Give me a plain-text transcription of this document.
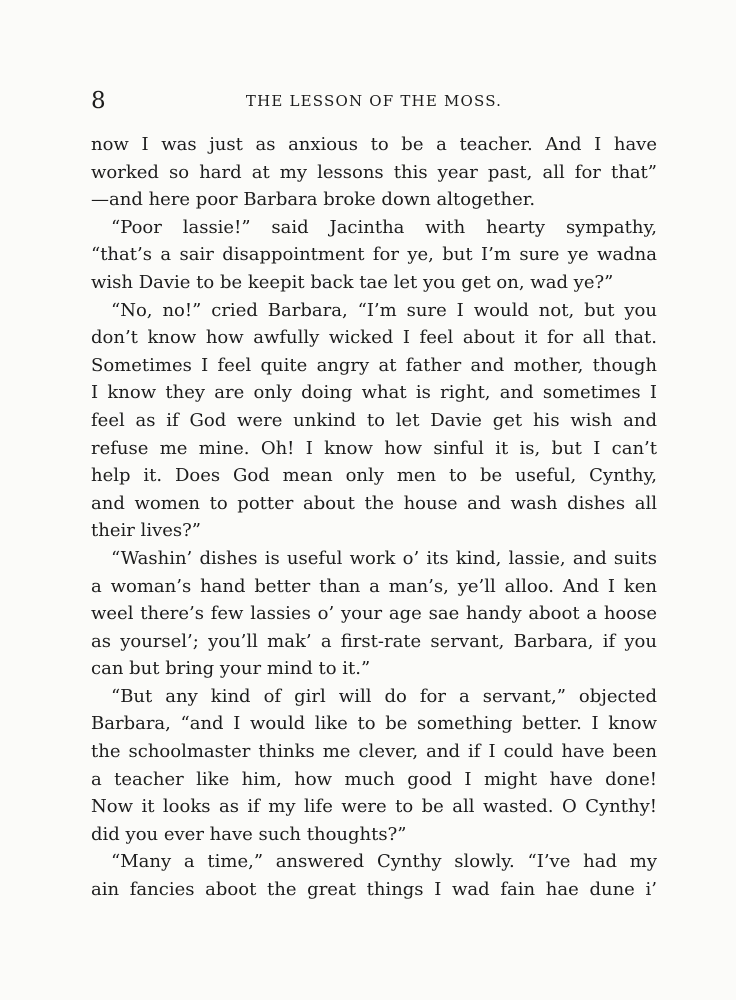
8	THE LESSON OF THE MOSS.
now I was just as anxious to be a teacher. And I have
worked so hard at my lessons this year past, all for that”
—and here poor Barbara broke down altogether.
“Poor lassie!” said Jacintha with hearty sympathy,
“that’s a sair disappointment for ye, but I’m sure ye wadna
wish Davie to be keepit back tae let you get on, wad ye?”
“No, no!” cried Barbara, “I’m sure I would not, but you
don’t know how awfully wicked I feel about it for all that.
Sometimes I feel quite angry at father and mother, though
I know they are only doing what is right, and sometimes I
feel as if God were unkind to let Davie get his wish and
refuse me mine. Oh! I know how sinful it is, but I can’t
help it. Does God mean only men to be useful, Cynthy,
and women to potter about the house and wash dishes all
their lives?”
“Washin’ dishes is useful work o’ its kind, lassie, and suits
a woman’s hand better than a man’s, ye’ll alloo. And I ken
weel there’s few lassies o’ your age sae handy aboot a hoose
as yoursel’; you’ll mak’ a first-rate servant, Barbara, if you
can but bring your mind to it.”
“But any kind of girl will do for a servant,” objected
Barbara, “and I would like to be something better. I know
the schoolmaster thinks me clever, and if I could have been
a teacher like him, how much good I might have done!
Now it looks as if my life were to be all wasted. O Cynthy!
did you ever have such thoughts?”
“Many a time,” answered Cynthy slowly. “I’ve had my
ain fancies aboot the great things I wad fain hae dune i’
